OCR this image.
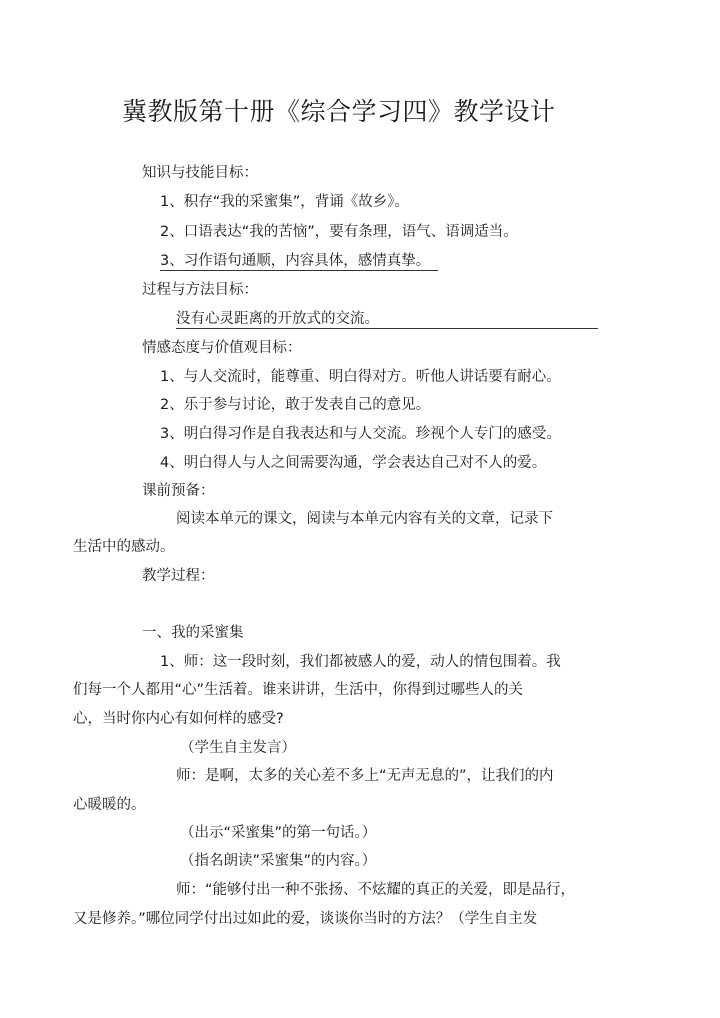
冀教版第十册《综合学习四》教学设计
知识与技能目标：
1、积存“我的采蜜集”，背诵《故乡》。
2、口语表达“我的苦恼”，要有条理，语气、语调适当。
3、习作语句通顺，内容具体，感情真挚。
过程与方法目标：
没有心灵距离的开放式的交流。
情感态度与价值观目标：
1、与人交流时，能尊重、明白得对方。听他人讲话要有耐心。
2、乐于参与讨论，敢于发表自己的意见。
3、明白得习作是自我表达和与人交流。珍视个人专门的感受。
4、明白得人与人之间需要沟通，学会表达自己对不人的爱。
课前预备：
阅读本单元的课文，阅读与本单元内容有关的文章，记录下
生活中的感动。
教学过程：
一、我的采蜜集
1、师：这一段时刻，我们都被感人的爱，动人的情包围着。我
们每一个人都用“心”生活着。谁来讲讲，生活中，你得到过哪些人的关
心，当时你内心有如何样的感受?
（学生自主发言）
师：是啊，太多的关心差不多上“无声无息的”，让我们的内
心暖暖的。
（出示“采蜜集”的第一句话。）
（指名朗读”采蜜集”的内容。）
师：“能够付出一种不张扬、不炫耀的真正的关爱，即是品行，
又是修养。”哪位同学付出过如此的爱，谈谈你当时的方法？（学生自主发
